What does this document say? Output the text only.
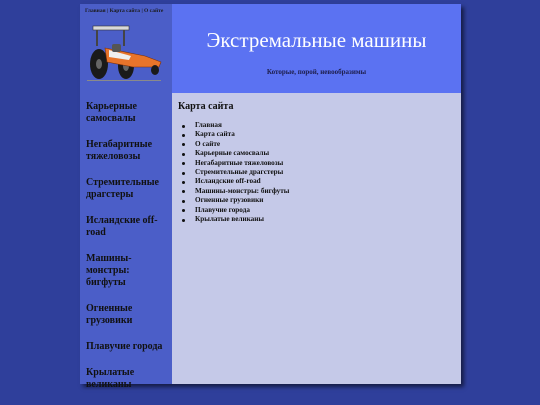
Главная | Карта сайта | О сайте
Карьерные самосвалы
Негабаритные тяжеловозы
Стремительные драгстеры
Исландские off-road
Машины-монстры: бигфуты
Огненные грузовики
Плавучие города
Крылатые великаны
Экстремальные машины
Которые, порой, невообразимы
Карта сайта
Главная
Карта сайта
О сайте
Карьерные самосвалы
Негабаритные тяжеловозы
Стремительные драгстеры
Исландские off-road
Машины-монстры: бигфуты
Огненные грузовики
Плавучие города
Крылатые великаны
